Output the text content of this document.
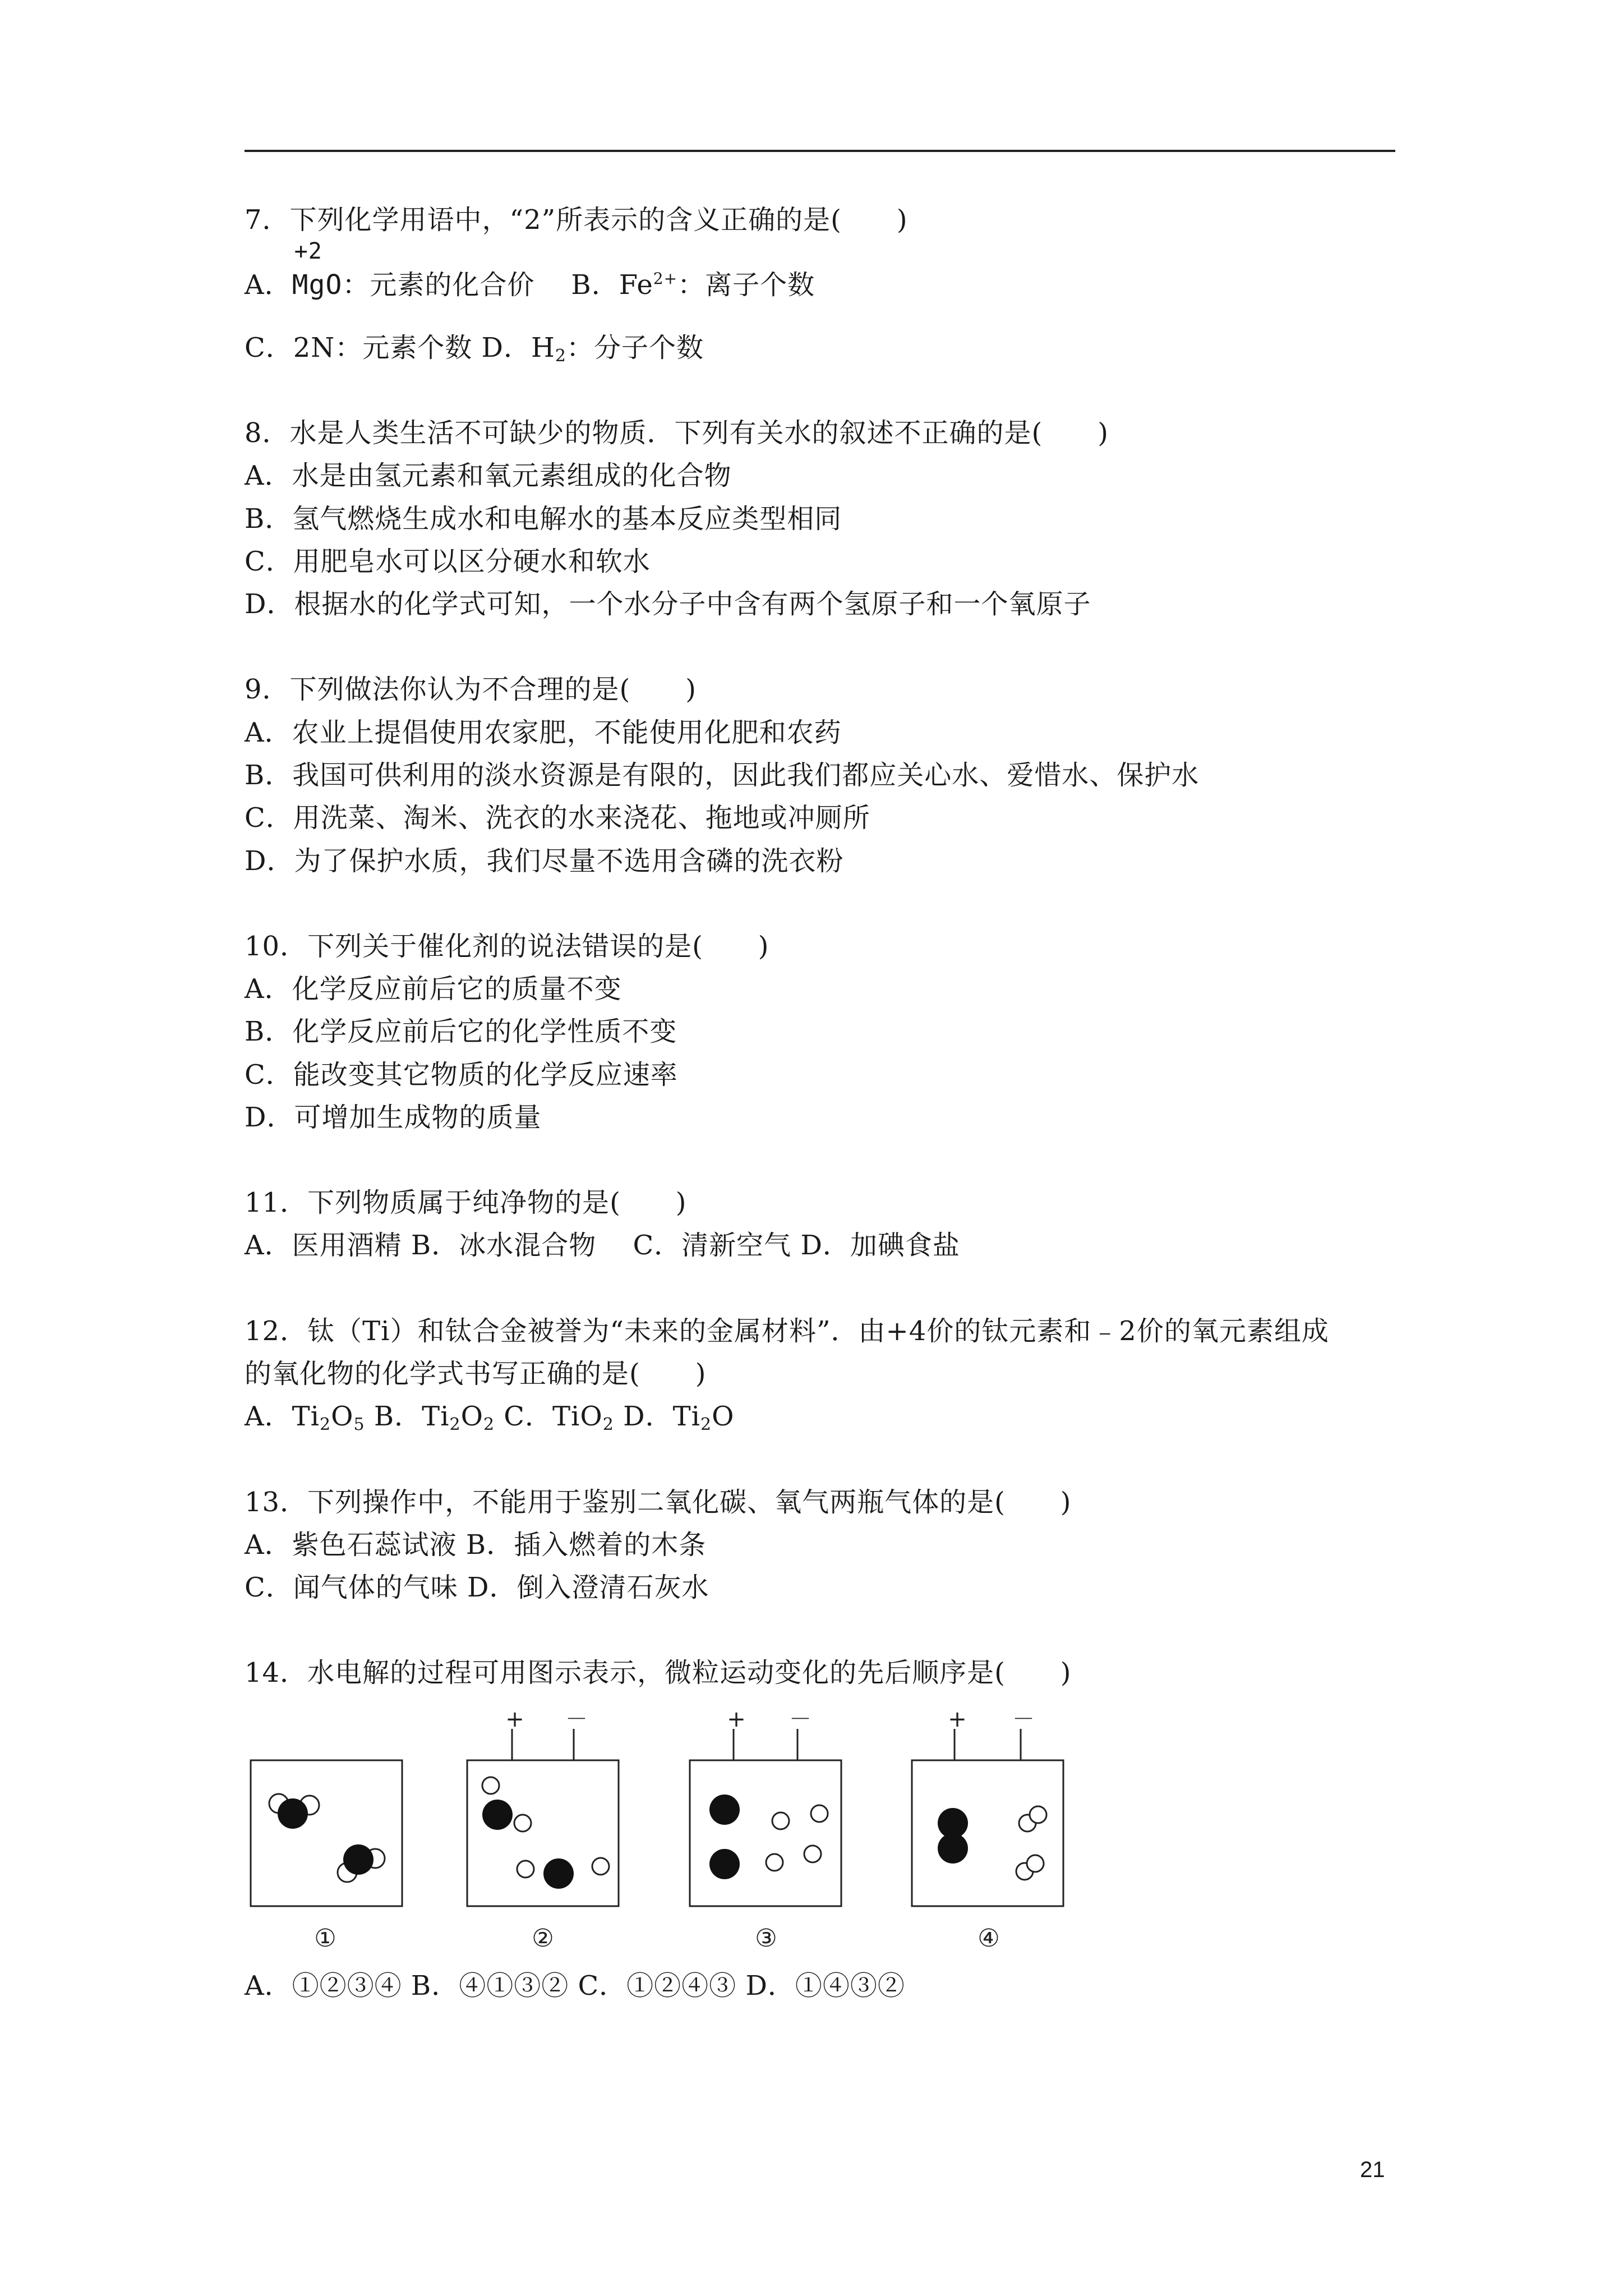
7．下列化学用语中，“2”所表示的含义正确的是(　　)
A．
+2
MgO：元素的化合价 B．$Fe^{2+}$：离子个数
C．2N：元素个数 D．$H_2$：分子个数
8．水是人类生活不可缺少的物质．下列有关水的叙述不正确的是(　　)
A．水是由氢元素和氧元素组成的化合物
B．氢气燃烧生成水和电解水的基本反应类型相同
C．用肥皂水可以区分硬水和软水
D．根据水的化学式可知，一个水分子中含有两个氢原子和一个氧原子
9．下列做法你认为不合理的是(　　)
A．农业上提倡使用农家肥，不能使用化肥和农药
B．我国可供利用的淡水资源是有限的，因此我们都应关心水、爱惜水、保护水
C．用洗菜、淘米、洗衣的水来浇花、拖地或冲厕所
D．为了保护水质，我们尽量不选用含磷的洗衣粉
10．下列关于催化剂的说法错误的是(　　)
A．化学反应前后它的质量不变
B．化学反应前后它的化学性质不变
C．能改变其它物质的化学反应速率
D．可增加生成物的质量
11．下列物质属于纯净物的是(　　)
A．医用酒精 B．冰水混合物　 C．清新空气 D．加碘食盐
12．钛（Ti）和钛合金被誉为“未来的金属材料”．由+4价的钛元素和﹣2价的氧元素组成
的氧化物的化学式书写正确的是(　　)
A．$Ti_2O_5$ B．$Ti_2O_2$ C．TiO$_2$ D．$Ti_2O$
13．下列操作中，不能用于鉴别二氧化碳、氧气两瓶气体的是(　　)
A．紫色石蕊试液 B．插入燃着的木条
C．闻气体的气味 D．倒入澄清石灰水
14．水电解的过程可用图示表示，微粒运动变化的先后顺序是(　　)
①
+ －
②
+ －
③
+ －
④
A．①②③④ B．④①③② C．①②④③ D．①④③②
21
